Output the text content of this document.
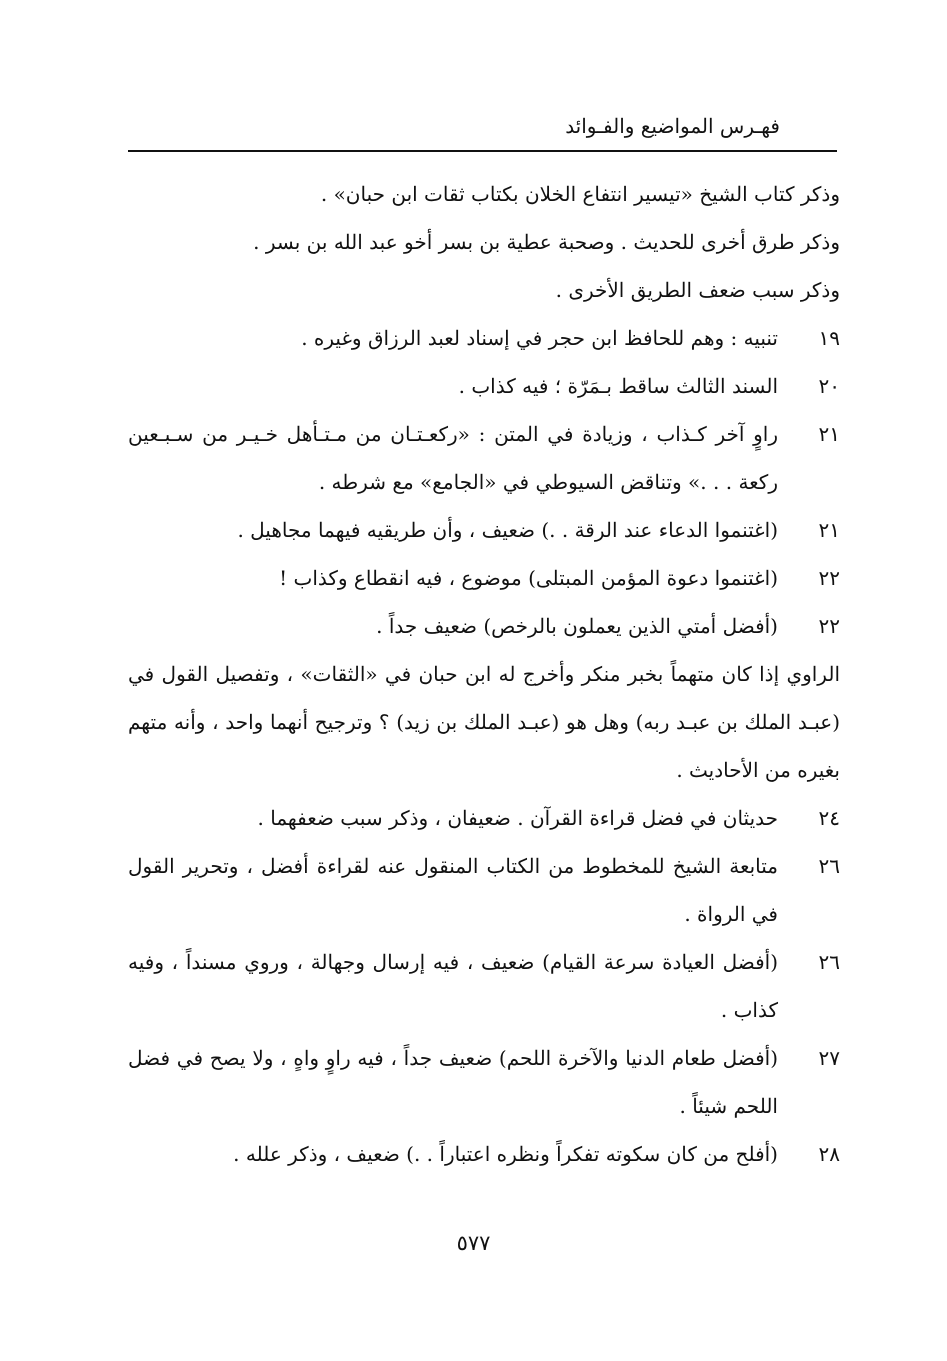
فهـرس المواضيع والفـوائد
وذكر كتاب الشيخ «تيسير انتفاع الخلان بكتاب ثقات ابن حبان» .
وذكر طرق أخرى للحديث . وصحبة عطية بن بسر أخو عبد الله بن بسر .
وذكر سبب ضعف الطريق الأخرى .
١٩
تنبيه : وهم للحافظ ابن حجر في إسناد لعبد الرزاق وغيره .
٢٠
السند الثالث ساقط بـمَرّة ؛ فيه كذاب .
٢١
راوٍ آخر كـذاب ، وزيادة في المتن : «ركعـتـان من مـتـأهل خـيـر من سـبـعين ركعة . . .» وتناقض السيوطي في «الجامع» مع شرطه .
٢١
(اغتنموا الدعاء عند الرقة . .) ضعيف ، وأن طريقيه فيهما مجاهيل .
٢٢
(اغتنموا دعوة المؤمن المبتلى) موضوع ، فيه انقطاع وكذاب !
٢٢
(أفضل أمتي الذين يعملون بالرخص) ضعيف جداً .
الراوي إذا كان متهماً بخبر منكر وأخرج له ابن حبان في «الثقات» ، وتفصيل القول في (عبـد الملك بن عبـد ربه) وهل هو (عبـد الملك بن زيد) ؟ وترجيح أنهما واحد ، وأنه متهم بغيره من الأحاديث .
٢٤
حديثان في فضل قراءة القرآن . ضعيفان ، وذكر سبب ضعفهما .
٢٦
متابعة الشيخ للمخطوط من الكتاب المنقول عنه لقراءة أفضل ، وتحرير القول في الرواة .
٢٦
(أفضل العيادة سرعة القيام) ضعيف ، فيه إرسال وجهالة ، وروي مسنداً ، وفيه كذاب .
٢٧
(أفضل طعام الدنيا والآخرة اللحم) ضعيف جداً ، فيه راوٍ واهٍ ، ولا يصح في فضل اللحم شيئاً .
٢٨
(أفلح من كان سكوته تفكراً ونظره اعتباراً . .) ضعيف ، وذكر علله .
٥٧٧
